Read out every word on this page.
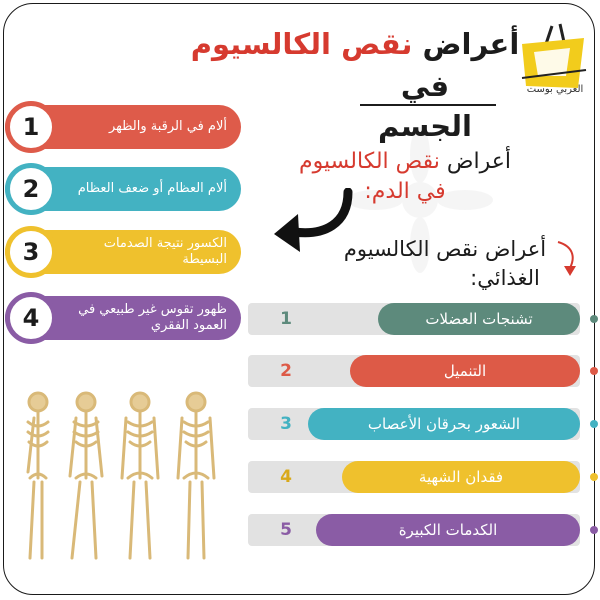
أعراض نقص الكالسيوم
في الجسم
العربي بوست
1	ألام في الرقبة والظهر
2	ألام العظام أو ضعف العظام
3	الكسور نتيجة الصدمات البسيطة
4	ظهور تقوس غير طبيعي في العمود الفقري
أعراض نقص الكالسيوم
في الدم:
أعراض نقص الكالسيوم
الغذائي:
1	تشنجات العضلات
2	التنميل
3	الشعور بحرقان الأعصاب
4	فقدان الشهية
5	الكدمات الكبيرة
